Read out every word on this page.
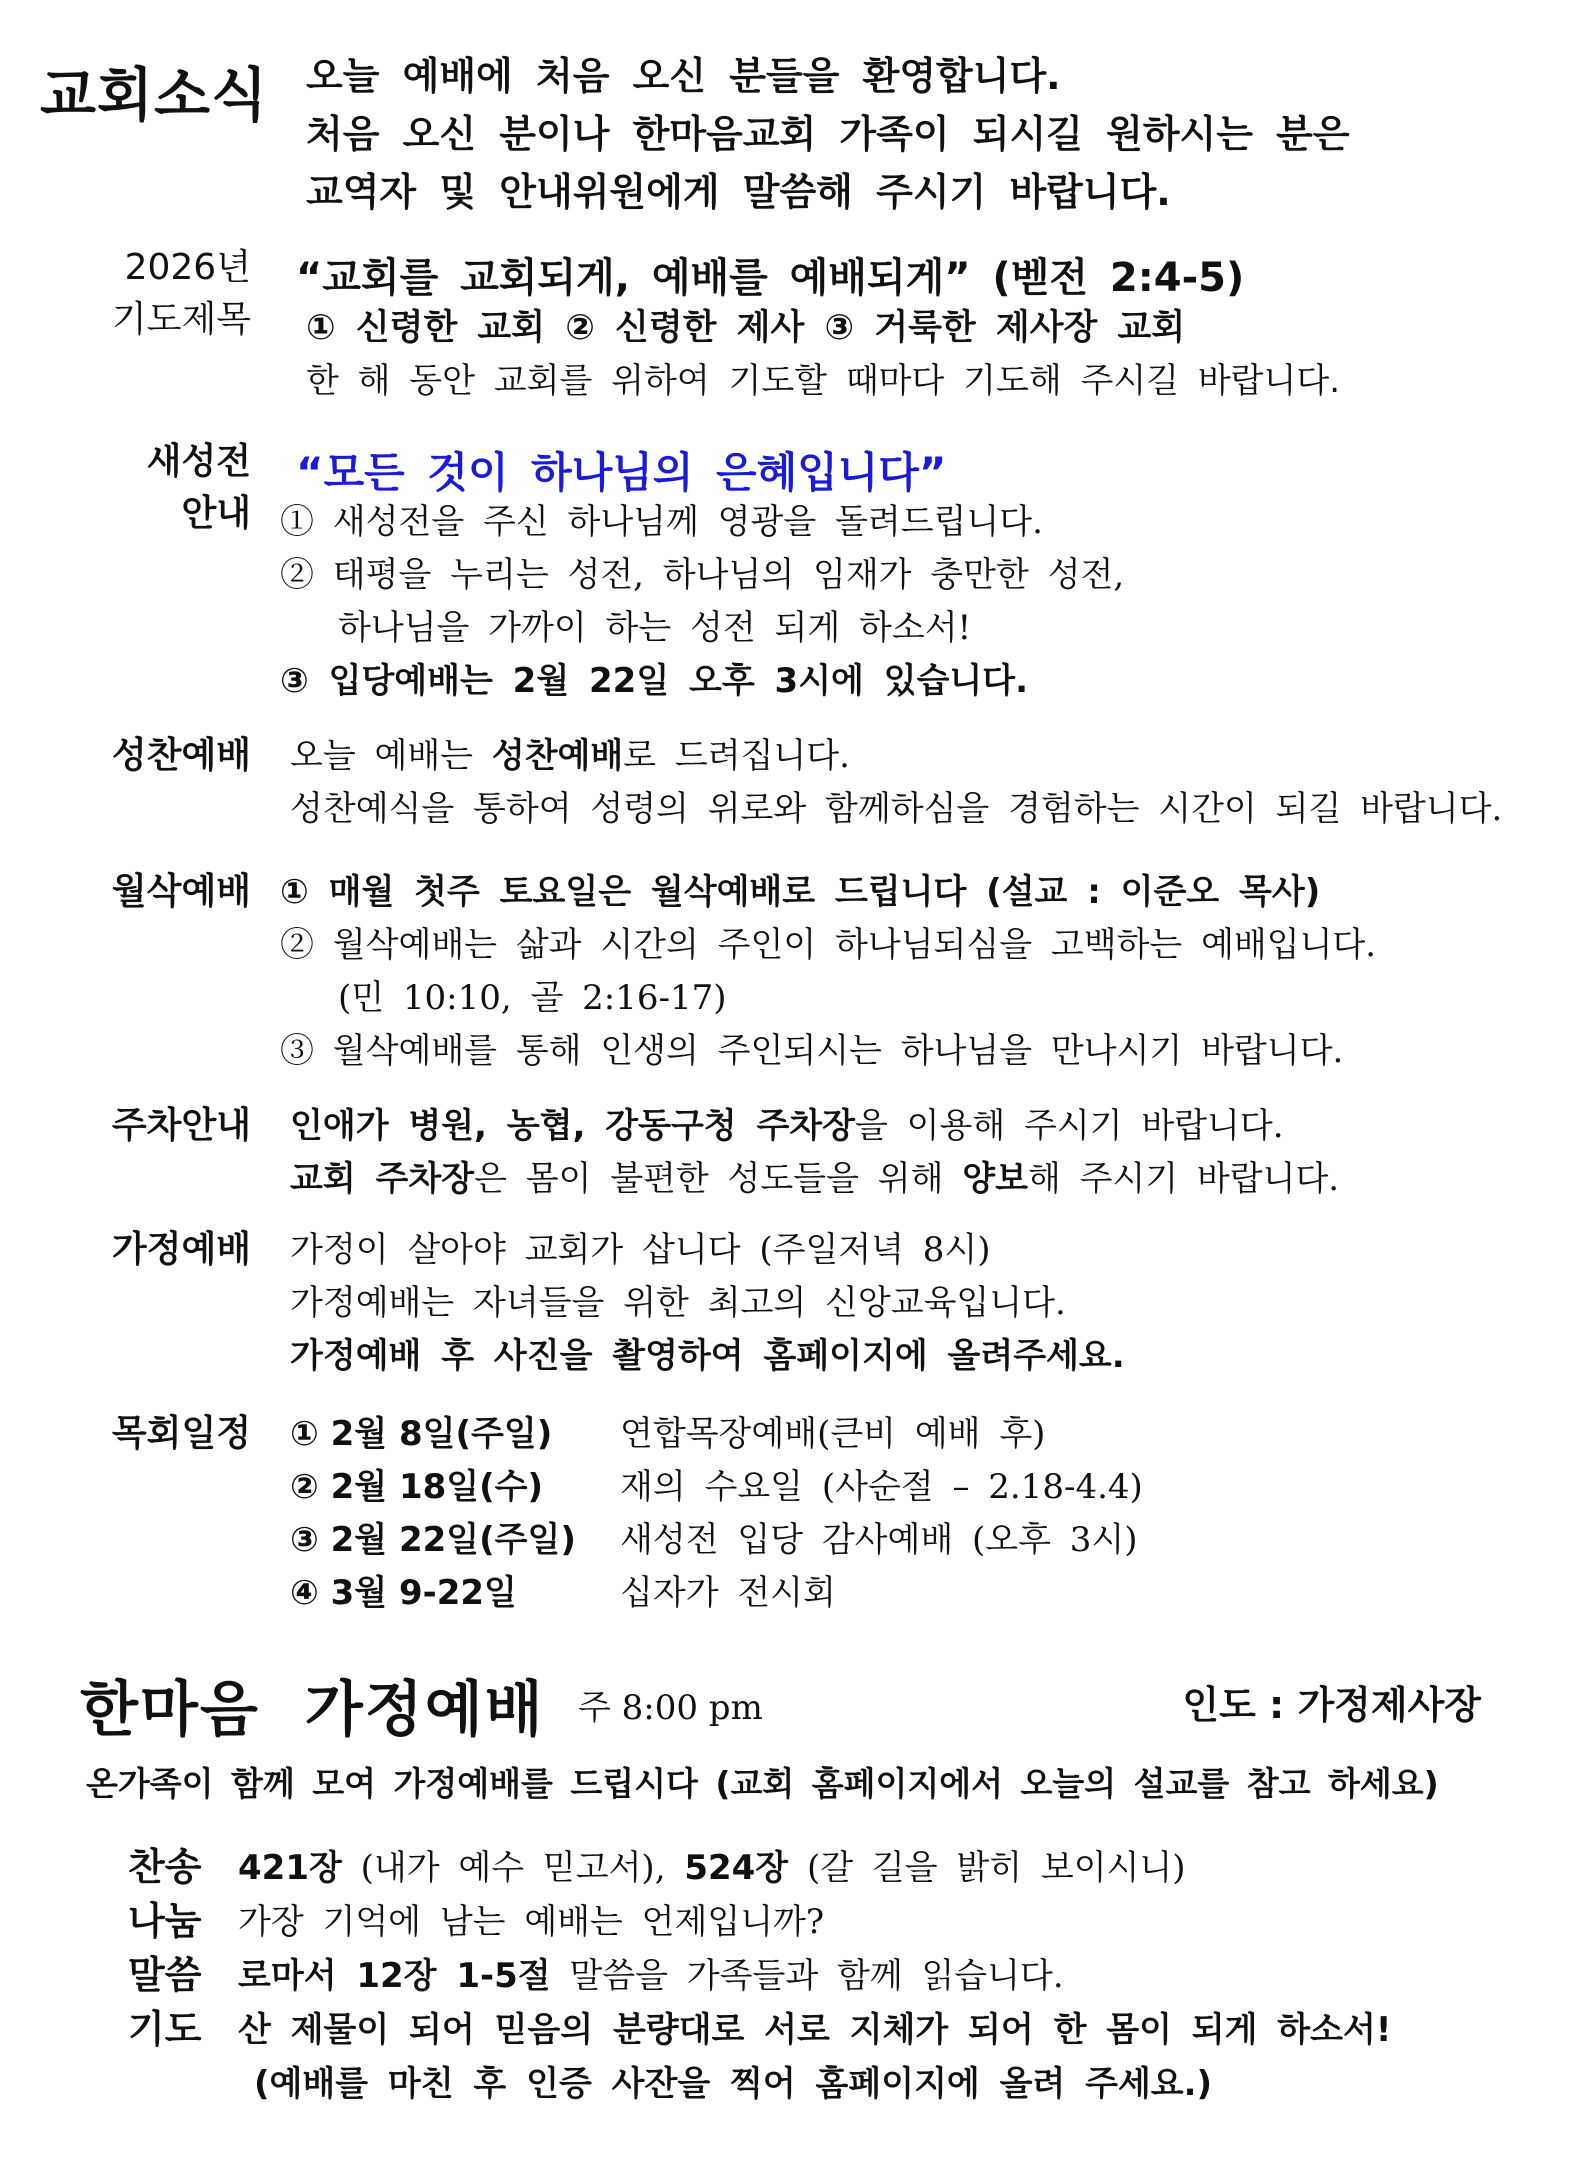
교회소식 오늘 예배에 처음 오신 분들을 환영합니다.
처음 오신 분이나 한마음교회 가족이 되시길 원하시는 분은
교역자 및 안내위원에게 말씀해 주시기 바랍니다.
2026년
기도제목
“교회를 교회되게, 예배를 예배되게” (벧전 2:4-5)
① 신령한 교회 ② 신령한 제사 ③ 거룩한 제사장 교회
한 해 동안 교회를 위하여 기도할 때마다 기도해 주시길 바랍니다.
새성전
안내
“모든 것이 하나님의 은혜입니다”
① 새성전을 주신 하나님께 영광을 돌려드립니다.
② 태평을 누리는 성전, 하나님의 임재가 충만한 성전,
하나님을 가까이 하는 성전 되게 하소서!
③ 입당예배는 2월 22일 오후 3시에 있습니다.
성찬예배 오늘 예배는 성찬예배로 드려집니다.
성찬예식을 통하여 성령의 위로와 함께하심을 경험하는 시간이 되길 바랍니다.
월삭예배 ① 매월 첫주 토요일은 월삭예배로 드립니다 (설교 : 이준오 목사)
② 월삭예배는 삶과 시간의 주인이 하나님되심을 고백하는 예배입니다.
(민 10:10, 골 2:16-17)
③ 월삭예배를 통해 인생의 주인되시는 하나님을 만나시기 바랍니다.
주차안내 인애가 병원, 농협, 강동구청 주차장을 이용해 주시기 바랍니다.
교회 주차장은 몸이 불편한 성도들을 위해 양보해 주시기 바랍니다.
가정예배 가정이 살아야 교회가 삽니다 (주일저녁 8시)
가정예배는 자녀들을 위한 최고의 신앙교육입니다.
가정예배 후 사진을 촬영하여 홈페이지에 올려주세요.
목회일정 ① 2월 8일(주일) 연합목장예배(큰비 예배 후)
② 2월 18일(수) 재의 수요일 (사순절 – 2.18-4.4)
③ 2월 22일(주일) 새성전 입당 감사예배 (오후 3시)
④ 3월 9-22일	십자가 전시회
한마음 가정예배 주 8:00 pm	인도 : 가정제사장
온가족이 함께 모여 가정예배를 드립시다 (교회 홈페이지에서 오늘의 설교를 참고 하세요)
찬송 421장 (내가 예수 믿고서), 524장 (갈 길을 밝히 보이시니)
나눔 가장 기억에 남는 예배는 언제입니까?
말씀 로마서 12장 1-5절 말씀을 가족들과 함께 읽습니다.
기도 산 제물이 되어 믿음의 분량대로 서로 지체가 되어 한 몸이 되게 하소서!
(예배를 마친 후 인증 사잔을 찍어 홈페이지에 올려 주세요.)
